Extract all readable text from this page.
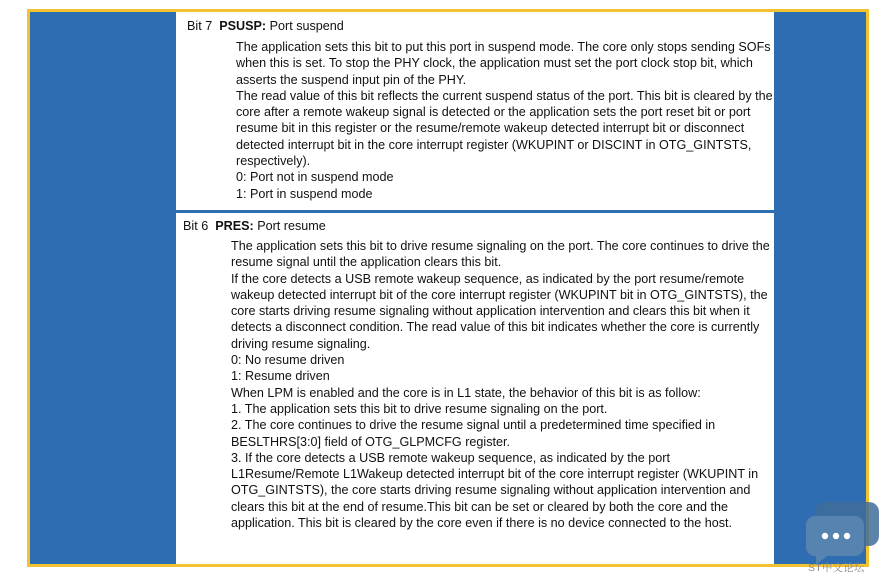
Bit 7 PSUSP: Port suspend

The application sets this bit to put this port in suspend mode. The core only stops sending SOFs when this is set. To stop the PHY clock, the application must set the port clock stop bit, which asserts the suspend input pin of the PHY.

The read value of this bit reflects the current suspend status of the port. This bit is cleared by the core after a remote wakeup signal is detected or the application sets the port reset bit or port resume bit in this register or the resume/remote wakeup detected interrupt bit or disconnect detected interrupt bit in the core interrupt register (WKUPINT or DISCINT in OTG_GINTSTS, respectively).

0: Port not in suspend mode

1: Port in suspend mode

Bit 6 PRES: Port resume

The application sets this bit to drive resume signaling on the port. The core continues to drive the resume signal until the application clears this bit.

If the core detects a USB remote wakeup sequence, as indicated by the port resume/remote wakeup detected interrupt bit of the core interrupt register (WKUPINT bit in OTG_GINTSTS), the core starts driving resume signaling without application intervention and clears this bit when it detects a disconnect condition. The read value of this bit indicates whether the core is currently driving resume signaling.

0: No resume driven

1: Resume driven

When LPM is enabled and the core is in L1 state, the behavior of this bit is as follow:

1. The application sets this bit to drive resume signaling on the port.

2. The core continues to drive the resume signal until a predetermined time specified in BESLTHRS[3:0] field of OTG_GLPMCFG register.

3. If the core detects a USB remote wakeup sequence, as indicated by the port L1Resume/Remote L1Wakeup detected interrupt bit of the core interrupt register (WKUPINT in OTG_GINTSTS), the core starts driving resume signaling without application intervention and clears this bit at the end of resume.This bit can be set or cleared by both the core and the application. This bit is cleared by the core even if there is no device connected to the host.

ST中文论坛
